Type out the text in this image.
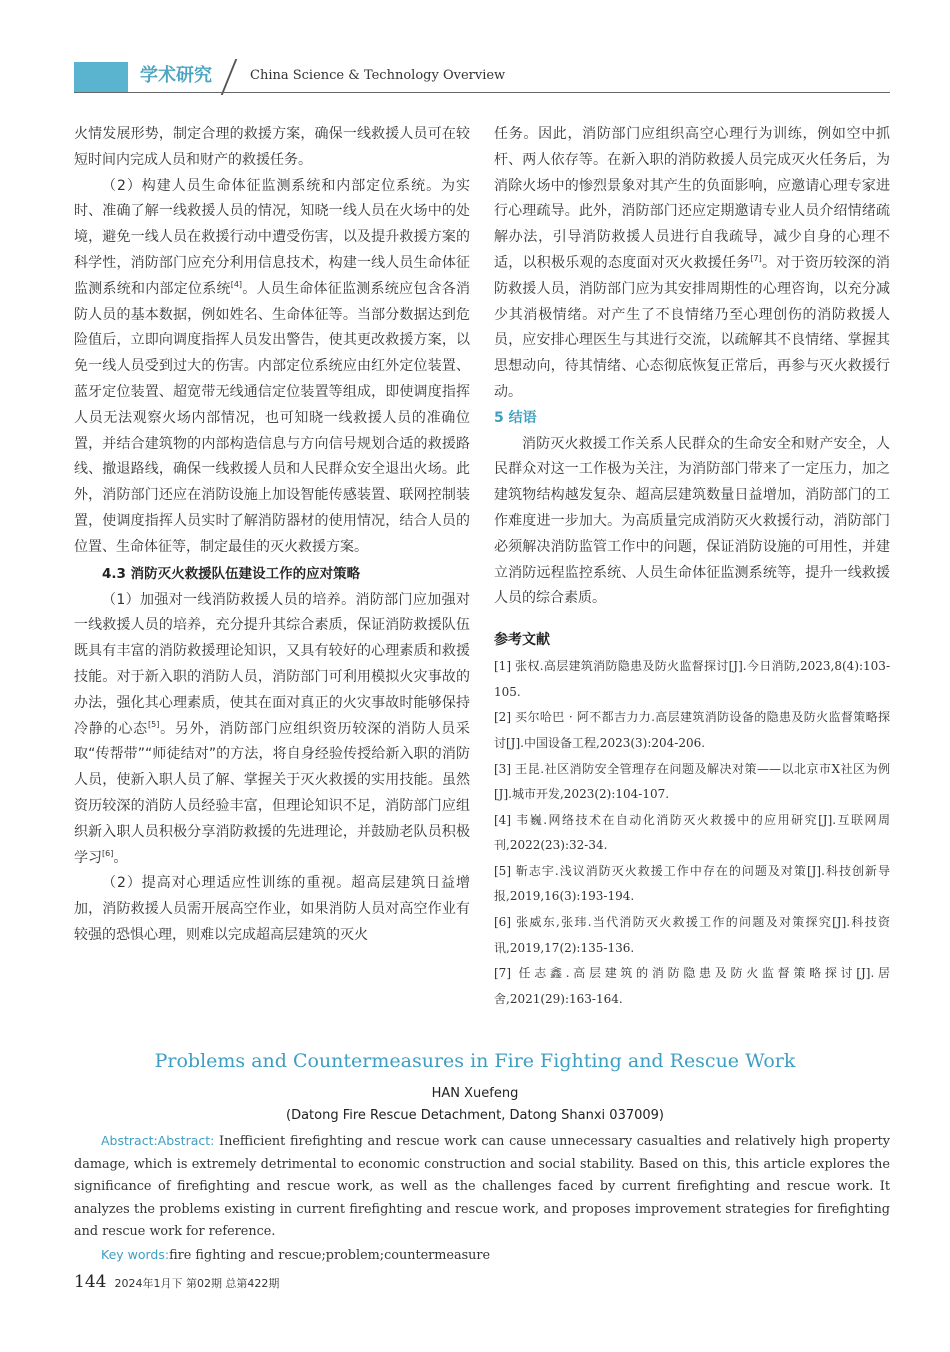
学术研究	China Science & Technology Overview

火情发展形势，制定合理的救援方案，确保一线救援人员可在较短时间内完成人员和财产的救援任务。

（2）构建人员生命体征监测系统和内部定位系统。为实时、准确了解一线救援人员的情况，知晓一线人员在火场中的处境，避免一线人员在救援行动中遭受伤害，以及提升救援方案的科学性，消防部门应充分利用信息技术，构建一线人员生命体征监测系统和内部定位系统[4]。人员生命体征监测系统应包含各消防人员的基本数据，例如姓名、生命体征等。当部分数据达到危险值后，立即向调度指挥人员发出警告，使其更改救援方案，以免一线人员受到过大的伤害。内部定位系统应由红外定位装置、蓝牙定位装置、超宽带无线通信定位装置等组成，即使调度指挥人员无法观察火场内部情况，也可知晓一线救援人员的准确位置，并结合建筑物的内部构造信息与方向信号规划合适的救援路线、撤退路线，确保一线救援人员和人民群众安全退出火场。此外，消防部门还应在消防设施上加设智能传感装置、联网控制装置，使调度指挥人员实时了解消防器材的使用情况，结合人员的位置、生命体征等，制定最佳的灭火救援方案。

4.3 消防灭火救援队伍建设工作的应对策略

（1）加强对一线消防救援人员的培养。消防部门应加强对一线救援人员的培养，充分提升其综合素质，保证消防救援队伍既具有丰富的消防救援理论知识，又具有较好的心理素质和救援技能。对于新入职的消防人员，消防部门可利用模拟火灾事故的办法，强化其心理素质，使其在面对真正的火灾事故时能够保持冷静的心态[5]。另外，消防部门应组织资历较深的消防人员采取“传帮带”“师徒结对”的方法，将自身经验传授给新入职的消防人员，使新入职人员了解、掌握关于灭火救援的实用技能。虽然资历较深的消防人员经验丰富，但理论知识不足，消防部门应组织新入职人员积极分享消防救援的先进理论，并鼓励老队员积极学习[6]。

（2）提高对心理适应性训练的重视。超高层建筑日益增加，消防救援人员需开展高空作业，如果消防人员对高空作业有较强的恐惧心理，则难以完成超高层建筑的灭火

任务。因此，消防部门应组织高空心理行为训练，例如空中抓杆、两人依存等。在新入职的消防救援人员完成灭火任务后，为消除火场中的惨烈景象对其产生的负面影响，应邀请心理专家进行心理疏导。此外，消防部门还应定期邀请专业人员介绍情绪疏解办法，引导消防救援人员进行自我疏导，减少自身的心理不适，以积极乐观的态度面对灭火救援任务[7]。对于资历较深的消防救援人员，消防部门应为其安排周期性的心理咨询，以充分减少其消极情绪。对产生了不良情绪乃至心理创伤的消防救援人员，应安排心理医生与其进行交流，以疏解其不良情绪、掌握其思想动向，待其情绪、心态彻底恢复正常后，再参与灭火救援行动。

5 结语

消防灭火救援工作关系人民群众的生命安全和财产安全，人民群众对这一工作极为关注，为消防部门带来了一定压力，加之建筑物结构越发复杂、超高层建筑数量日益增加，消防部门的工作难度进一步加大。为高质量完成消防灭火救援行动，消防部门必须解决消防监管工作中的问题，保证消防设施的可用性，并建立消防远程监控系统、人员生命体征监测系统等，提升一线救援人员的综合素质。

参考文献

[1] 张权.高层建筑消防隐患及防火监督探讨[J].今日消防,2023,8(4):103-105.
[2] 买尔哈巴 · 阿不都吉力力.高层建筑消防设备的隐患及防火监督策略探讨[J].中国设备工程,2023(3):204-206.
[3] 王昆.社区消防安全管理存在问题及解决对策——以北京市X社区为例[J].城市开发,2023(2):104-107.
[4] 韦巍.网络技术在自动化消防灭火救援中的应用研究[J].互联网周刊,2022(23):32-34.
[5] 靳志宇.浅议消防灭火救援工作中存在的问题及对策[J].科技创新导报,2019,16(3):193-194.
[6] 张威东,张玮.当代消防灭火救援工作的问题及对策探究[J].科技资讯,2019,17(2):135-136.
[7] 任志鑫.高层建筑的消防隐患及防火监督策略探讨[J].居舍,2021(29):163-164.
Problems and Countermeasures in Fire Fighting and Rescue Work
HAN Xuefeng
(Datong Fire Rescue Detachment, Datong Shanxi 037009)

Abstract:Abstract: Inefficient firefighting and rescue work can cause unnecessary casualties and relatively high property damage, which is extremely detrimental to economic construction and social stability. Based on this, this article explores the significance of firefighting and rescue work, as well as the challenges faced by current firefighting and rescue work. It analyzes the problems existing in current firefighting and rescue work, and proposes improvement strategies for firefighting and rescue work for reference.

Key words:fire fighting and rescue;problem;countermeasure

144 2024年1月下 第02期 总第422期
